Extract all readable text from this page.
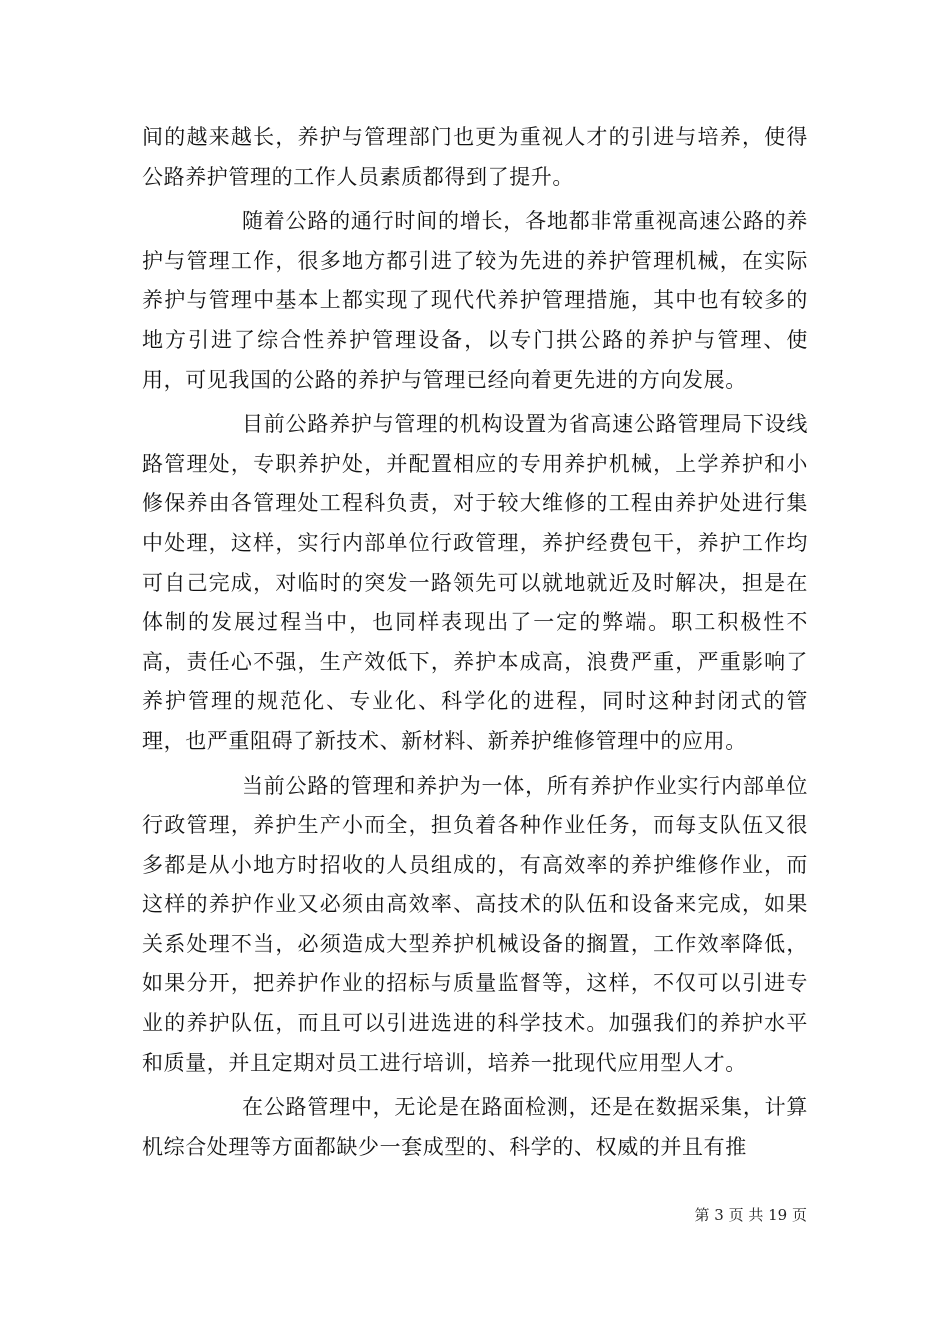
间的越来越长，养护与管理部门也更为重视人才的引进与培养，使得公路养护管理的工作人员素质都得到了提升。

随着公路的通行时间的增长，各地都非常重视高速公路的养护与管理工作，很多地方都引进了较为先进的养护管理机械，在实际养护与管理中基本上都实现了现代代养护管理措施，其中也有较多的地方引进了综合性养护管理设备，以专门拱公路的养护与管理、使用，可见我国的公路的养护与管理已经向着更先进的方向发展。

目前公路养护与管理的机构设置为省高速公路管理局下设线路管理处，专职养护处，并配置相应的专用养护机械，上学养护和小修保养由各管理处工程科负责，对于较大维修的工程由养护处进行集中处理，这样，实行内部单位行政管理，养护经费包干，养护工作均可自己完成，对临时的突发一路领先可以就地就近及时解决，担是在体制的发展过程当中，也同样表现出了一定的弊端。职工积极性不高，责任心不强，生产效低下，养护本成高，浪费严重，严重影响了养护管理的规范化、专业化、科学化的进程，同时这种封闭式的管理，也严重阻碍了新技术、新材料、新养护维修管理中的应用。

当前公路的管理和养护为一体，所有养护作业实行内部单位行政管理，养护生产小而全，担负着各种作业任务，而每支队伍又很多都是从小地方时招收的人员组成的，有高效率的养护维修作业，而这样的养护作业又必须由高效率、高技术的队伍和设备来完成，如果关系处理不当，必须造成大型养护机械设备的搁置，工作效率降低，如果分开，把养护作业的招标与质量监督等，这样，不仅可以引进专业的养护队伍，而且可以引进选进的科学技术。加强我们的养护水平和质量，并且定期对员工进行培训，培养一批现代应用型人才。

在公路管理中，无论是在路面检测，还是在数据采集，计算机综合处理等方面都缺少一套成型的、科学的、权威的并且有推

第 3 页 共 19 页
